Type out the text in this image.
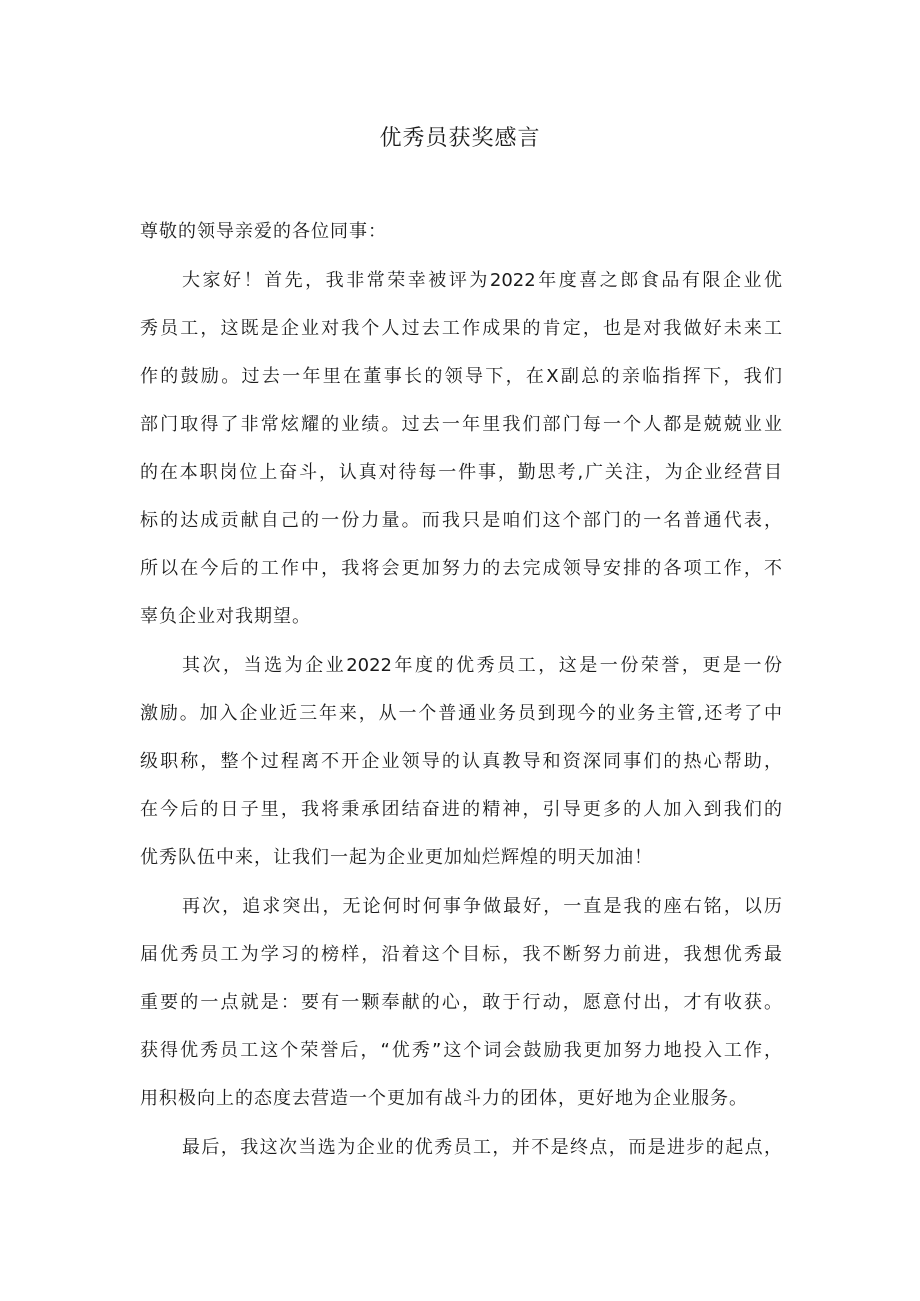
优秀员获奖感言
尊敬的领导亲爱的各位同事：
大家好！首先，我非常荣幸被评为2022年度喜之郎食品有限企业优
秀员工，这既是企业对我个人过去工作成果的肯定，也是对我做好未来工
作的鼓励。过去一年里在董事长的领导下，在X副总的亲临指挥下，我们
部门取得了非常炫耀的业绩。过去一年里我们部门每一个人都是兢兢业业
的在本职岗位上奋斗，认真对待每一件事，勤思考,广关注，为企业经营目
标的达成贡献自己的一份力量。而我只是咱们这个部门的一名普通代表，
所以在今后的工作中，我将会更加努力的去完成领导安排的各项工作，不
辜负企业对我期望。
其次，当选为企业2022年度的优秀员工，这是一份荣誉，更是一份
激励。加入企业近三年来，从一个普通业务员到现今的业务主管,还考了中
级职称，整个过程离不开企业领导的认真教导和资深同事们的热心帮助，
在今后的日子里，我将秉承团结奋进的精神，引导更多的人加入到我们的
优秀队伍中来，让我们一起为企业更加灿烂辉煌的明天加油！
再次，追求突出，无论何时何事争做最好，一直是我的座右铭，以历
届优秀员工为学习的榜样，沿着这个目标，我不断努力前进，我想优秀最
重要的一点就是：要有一颗奉献的心，敢于行动，愿意付出，才有收获。
获得优秀员工这个荣誉后，“优秀”这个词会鼓励我更加努力地投入工作，
用积极向上的态度去营造一个更加有战斗力的团体，更好地为企业服务。
最后，我这次当选为企业的优秀员工，并不是终点，而是进步的起点，
